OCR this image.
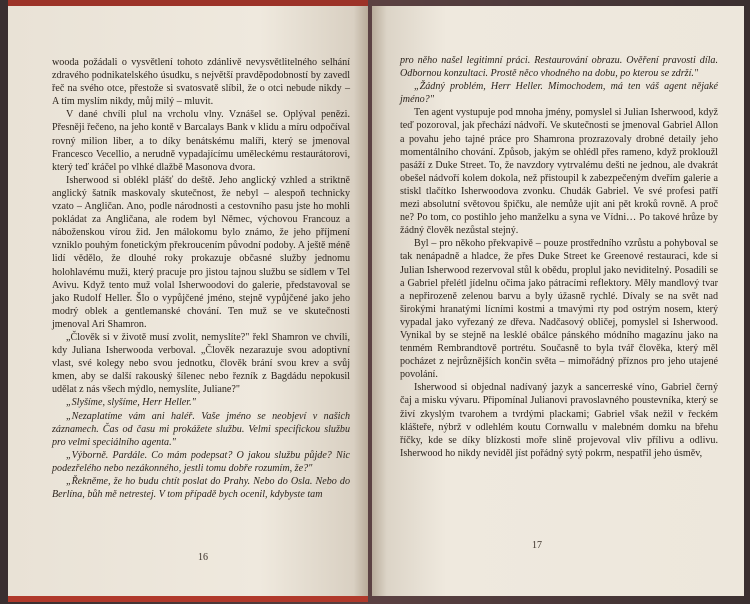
wooda požádali o vysvětlení tohoto zdánlivě nevysvětlitelného selhání zdravého podnikatelského úsudku, s největší pravděpodobností by zavedl řeč na svého otce, přestože si svatosvatě slíbil, že o otci nebude nikdy – A tím myslím nikdy, můj milý – mluvit.

V dané chvíli plul na vrcholu vlny. Vznášel se. Oplýval penězi. Přesněji řečeno, na jeho kontě v Barcalays Bank v klidu a míru odpočíval rovný milion liber, a to díky benátskému malíři, který se jmenoval Francesco Vecellio, a nerudně vypadajícímu uměleckému restaurátorovi, který teď kráčel po vlhké dlažbě Masonova dvora.

Isherwood si oblékl plášť do deště. Jeho anglický vzhled a striktně anglický šatník maskovaly skutečnost, že nebyl – alespoň technicky vzato – Angličan. Ano, podle národnosti a cestovního pasu jste ho mohli pokládat za Angličana, ale rodem byl Němec, výchovou Francouz a náboženskou vírou žid. Jen málokomu bylo známo, že jeho příjmení vzniklo pouhým fonetickým překroucením původní podoby. A ještě méně lidí vědělo, že dlouhé roky prokazuje občasné služby jednomu holohlavému muži, který pracuje pro jistou tajnou službu se sídlem v Tel Avivu. Když tento muž volal Isherwoodovi do galerie, představoval se jako Rudolf Heller. Šlo o vypůjčené jméno, stejně vypůjčené jako jeho modrý oblek a gentlemanské chování. Ten muž se ve skutečnosti jmenoval Ari Shamron.

„Člověk si v životě musí zvolit, nemyslíte?" řekl Shamron ve chvíli, kdy Juliana Isherwooda verboval. „Člověk nezarazuje svou adoptivní vlast, své kolegy nebo svou jednotku, člověk brání svou krev a svůj kmen, aby se další rakouský šílenec nebo řezník z Bagdádu nepokusil udělat z nás všech mýdlo, nemyslíte, Juliane?"

„Slyšíme, slyšíme, Herr Heller."

„Nezaplatíme vám ani haléř. Vaše jméno se neobjeví v našich záznamech. Čas od času mi prokážete službu. Velmi specifickou službu pro velmi speciálního agenta."

„Výborně. Pardále. Co mám podepsat? O jakou službu půjde? Nic podezřelého nebo nezákonného, jestli tomu dobře rozumím, že?"

„Řekněme, že ho budu chtít poslat do Prahy. Nebo do Osla. Nebo do Berlína, bůh mě netrestej. V tom případě bych ocenil, kdybyste tam

16

pro něho našel legitimní práci. Restaurování obrazu. Ověření pravosti díla. Odbornou konzultaci. Prostě něco vhodného na dobu, po kterou se zdrží."

„Žádný problém, Herr Heller. Mimochodem, má ten váš agent nějaké jméno?"

Ten agent vystupuje pod mnoha jmény, pomyslel si Julian Isherwood, když teď pozoroval, jak přechází nádvoří. Ve skutečnosti se jmenoval Gabriel Allon a povahu jeho tajné práce pro Shamrona prozrazovaly drobné detaily jeho momentálního chování. Způsob, jakým se ohlédl přes rameno, když prokloužl pasáží z Duke Street. To, že navzdory vytrvalému dešti ne jednou, ale dvakrát obešel nádvoří kolem dokola, než přistoupil k zabezpečeným dveřím galerie a stiskl tlačítko Isherwoodova zvonku. Chudák Gabriel. Ve své profesi patří mezi absolutní světovou špičku, ale nemůže ujít ani pět kroků rovně. A proč ne? Po tom, co postihlo jeho manželku a syna ve Vídni… Po takové hrůze by žádný člověk nezůstal stejný.

Byl – pro někoho překvapivě – pouze prostředního vzrůstu a pohyboval se tak nenápadně a hladce, že přes Duke Street ke Greenové restauraci, kde si Julian Isherwood rezervoval stůl k obědu, proplul jako neviditelný. Posadili se a Gabriel přelétl jídelnu očima jako pátracími reflektory. Měly mandlový tvar a nepřirozeně zelenou barvu a byly úžasně rychlé. Dívaly se na svět nad širokými hranatými lícními kostmi a tmavými rty pod ostrým nosem, který vypadal jako vyřezaný ze dřeva. Nadčasový obličej, pomyslel si Isherwood. Vynikal by se stejně na lesklé obálce pánského módního magazínu jako na tenmém Rembrandtově portrétu. Současně to byla tvář člověka, který měl pocházet z nejrůznějších končin světa – mimořádný příznos pro jeho utajené povolání.

Isherwood si objednal nadívaný jazyk a sancerreské víno, Gabriel černý čaj a misku vývaru. Připomínal Julianovi pravoslavného poustevníka, který se živí zkyslým tvarohem a tvrdými plackami; Gabriel však nežil v řeckém klášteře, nýbrž v odlehlém koutu Cornwallu v malebném domku na břehu říčky, kde se díky blízkosti moře slině projevoval vliv přílivu a odlivu. Isherwood ho nikdy neviděl jíst pořádný sytý pokrm, nespatřil jeho úsměv,

17
